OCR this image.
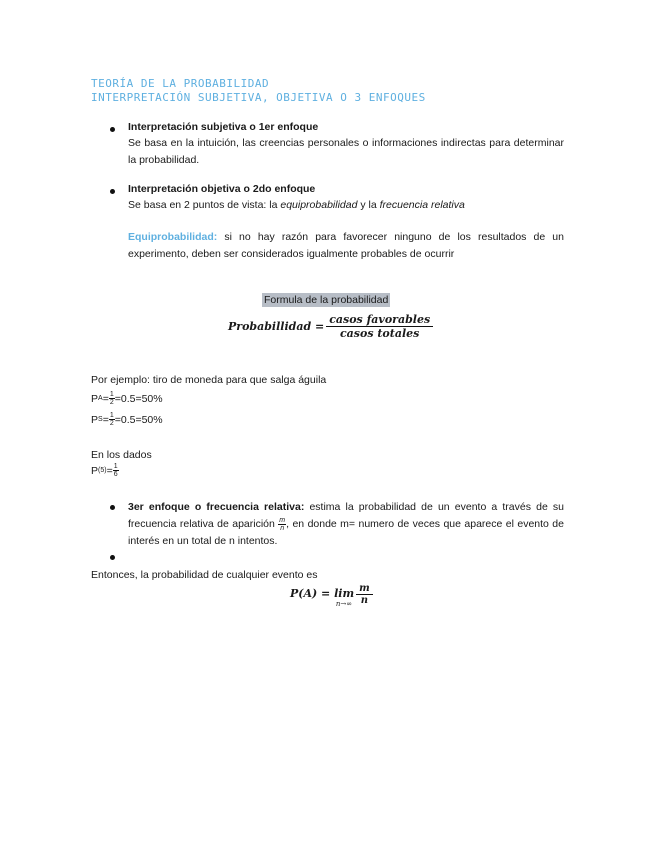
TEORÍA DE LA PROBABILIDAD
INTERPRETACIÓN SUBJETIVA, OBJETIVA O 3 ENFOQUES
Interpretación subjetiva o 1er enfoque
Se basa en la intuición, las creencias personales o informaciones indirectas para determinar la probabilidad.
Interpretación objetiva o 2do enfoque
Se basa en 2 puntos de vista: la equiprobabilidad y la frecuencia relativa
Equiprobabilidad: si no hay razón para favorecer ninguno de los resultados de un experimento, deben ser considerados igualmente probables de ocurrir
Formula de la probabilidad
Probabillidad = $\frac{\text{casos favorables}}{\text{casos totales}}$
Por ejemplo: tiro de moneda para que salga águila
P $A = \frac{1}{2} =0.5=50\%$
P $S = \frac{1}{2} =0.5=50\%$
En los dados
P $(5) = \frac{1}{6}$
3er enfoque o frecuencia relativa: estima la probabilidad de un evento a través de su frecuencia relativa de aparición $\frac{m}{n}$ , en donde m= numero de veces que aparece el evento de interés en un total de n intentos.
Entonces, la probabilidad de cualquier evento es
P(A) = lim
$n\to\infty \frac{m}{n}$
